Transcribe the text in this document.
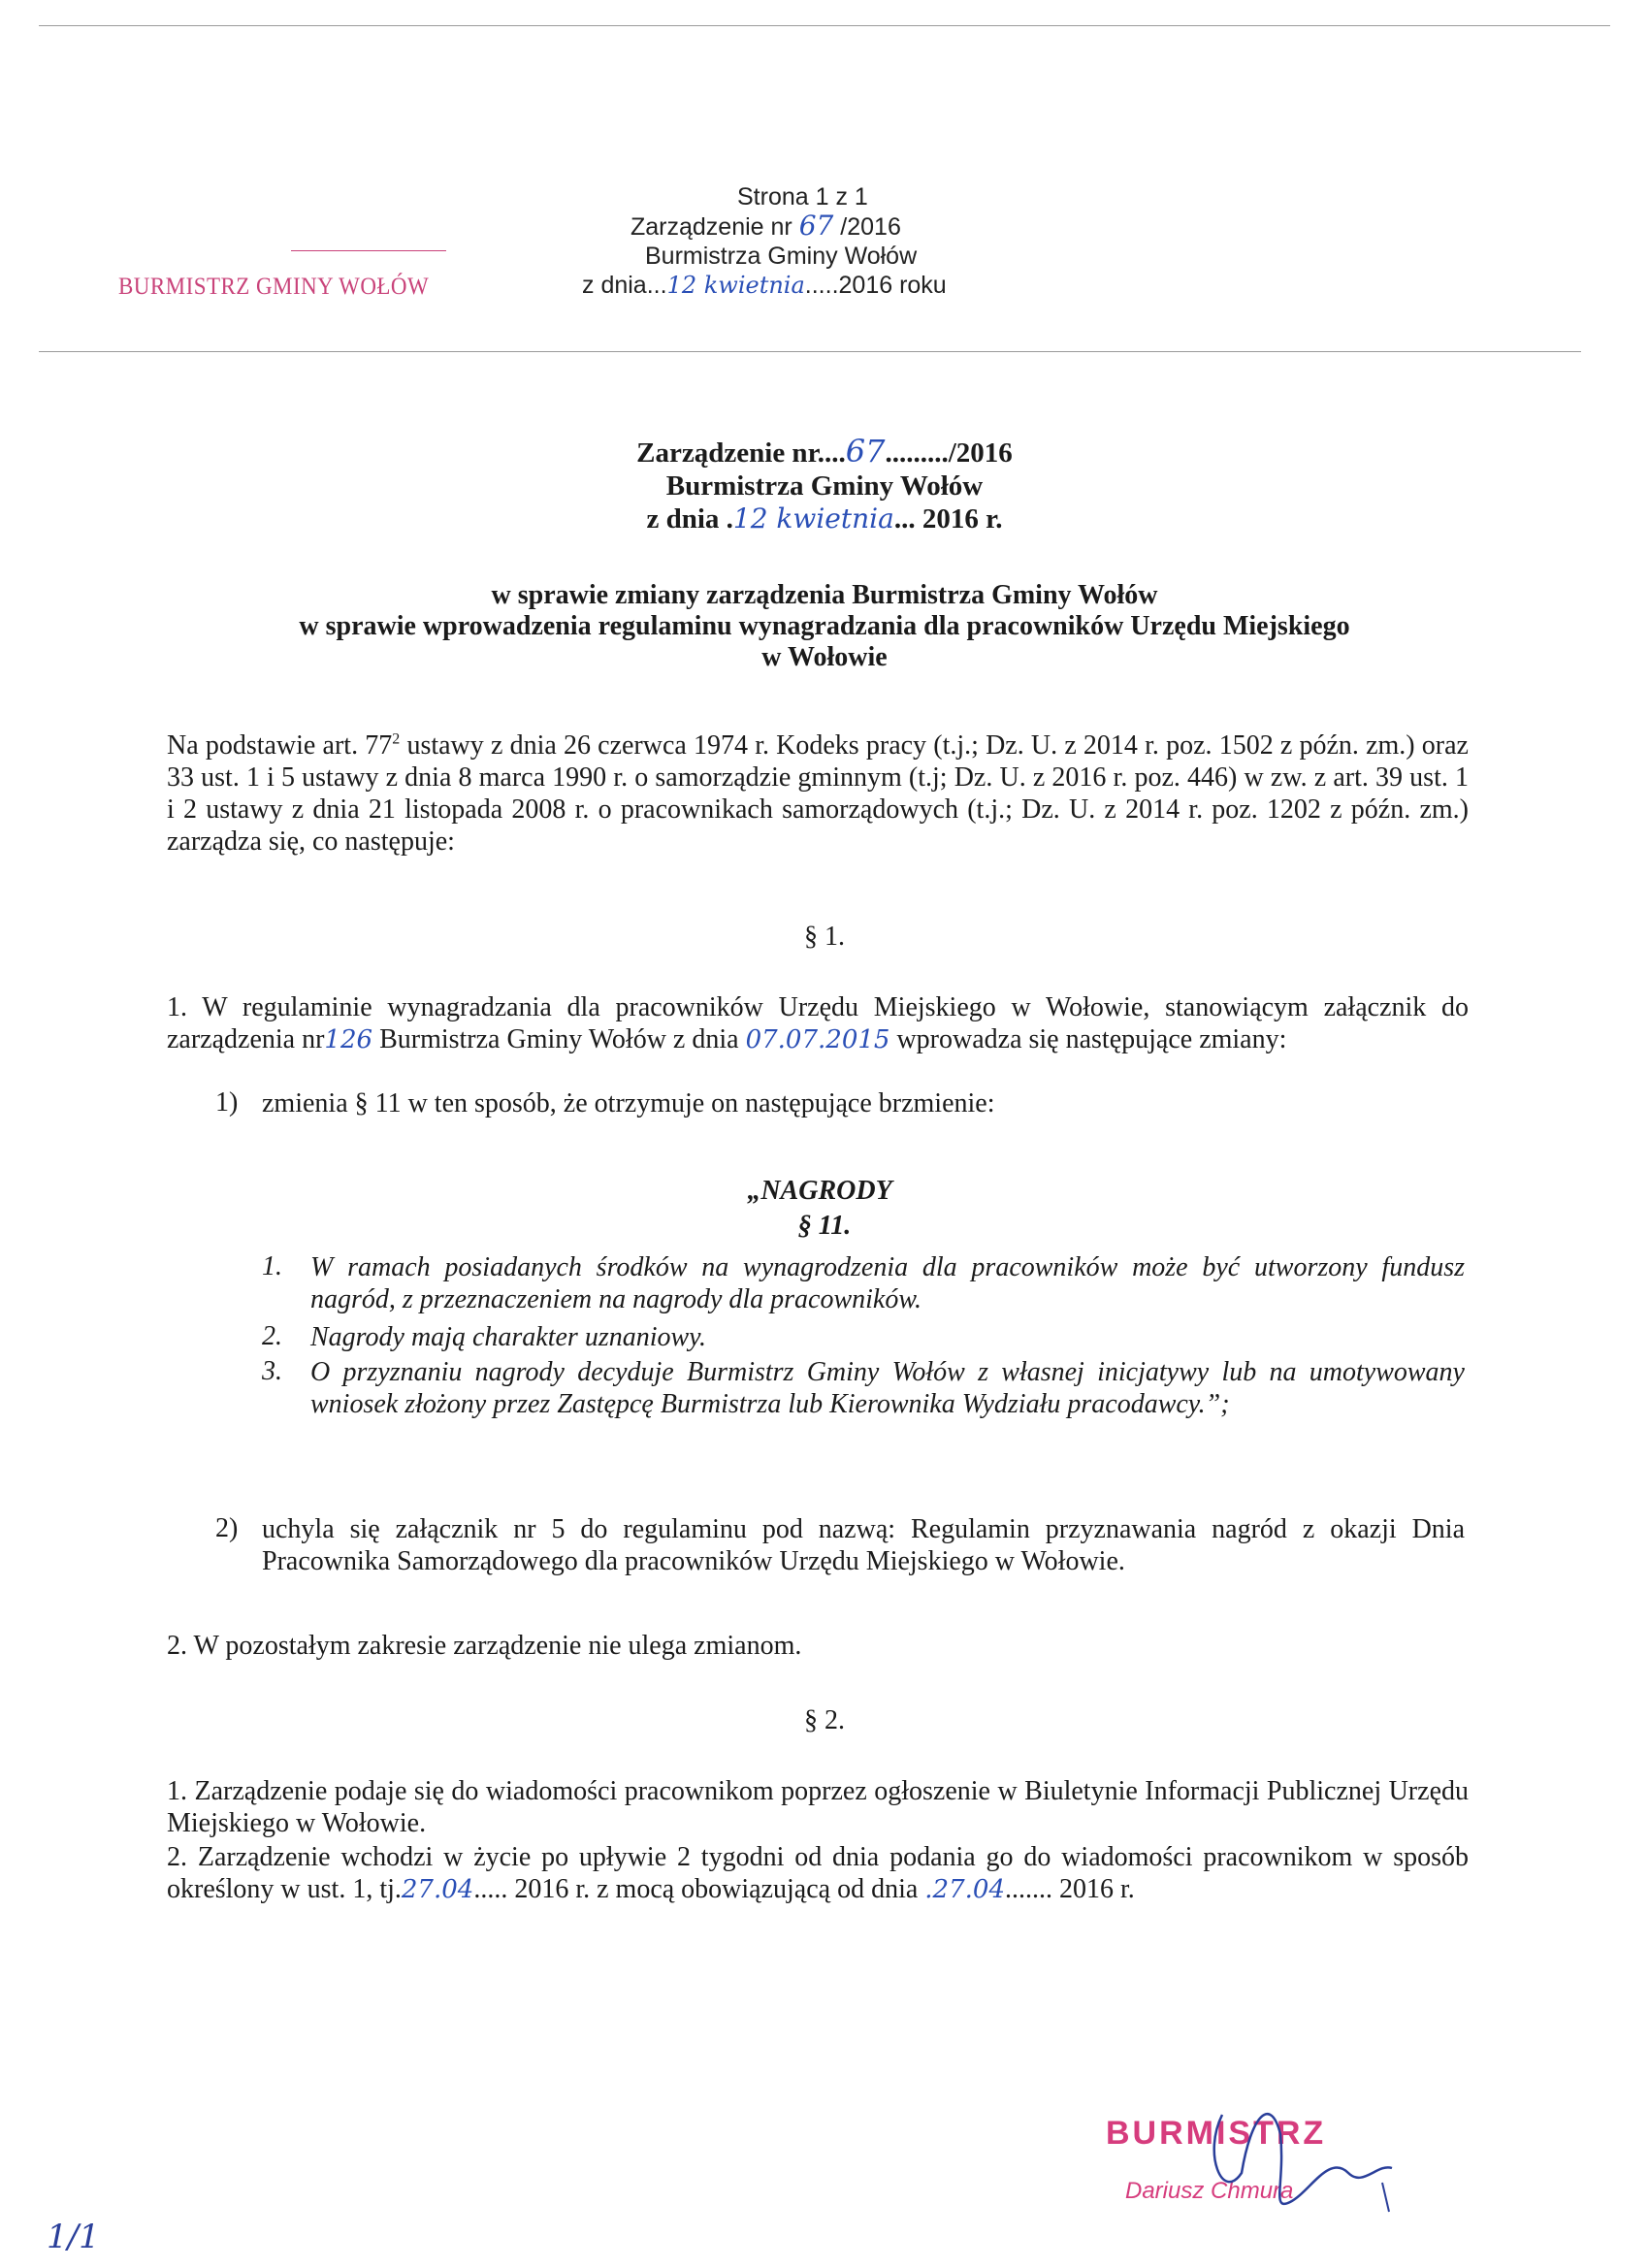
Strona 1 z 1
Zarządzenie nr 67 /2016
Burmistrza Gminy Wołów
z dnia...12 kwietnia.....2016 roku
BURMISTRZ GMINY WOŁÓW
Zarządzenie nr....67........./2016
Burmistrza Gminy Wołów
z dnia .12 kwietnia... 2016 r.
w sprawie zmiany zarządzenia Burmistrza Gminy Wołów
w sprawie wprowadzenia regulaminu wynagradzania dla pracowników Urzędu Miejskiego
w Wołowie
Na podstawie art. $77^2$ ustawy z dnia 26 czerwca 1974 r. Kodeks pracy (t.j.; Dz. U. z 2014 r. poz. 1502 z późn. zm.) oraz 33 ust. 1 i 5 ustawy z dnia 8 marca 1990 r. o samorządzie gminnym (t.j; Dz. U. z 2016 r. poz. 446) w zw. z art. 39 ust. 1 i 2 ustawy z dnia 21 listopada 2008 r. o pracownikach samorządowych (t.j.; Dz. U. z 2014 r. poz. 1202 z późn. zm.) zarządza się, co następuje:
§ 1.
1. W regulaminie wynagradzania dla pracowników Urzędu Miejskiego w Wołowie, stanowiącym załącznik do zarządzenia nr126 Burmistrza Gminy Wołów z dnia 07.07.2015 wprowadza się następujące zmiany:
1) zmienia § 11 w ten sposób, że otrzymuje on następujące brzmienie:
„NAGRODY
§ 11.
1. W ramach posiadanych środków na wynagrodzenia dla pracowników może być utworzony fundusz nagród, z przeznaczeniem na nagrody dla pracowników.
2. Nagrody mają charakter uznaniowy.
3. O przyznaniu nagrody decyduje Burmistrz Gminy Wołów z własnej inicjatywy lub na umotywowany wniosek złożony przez Zastępcę Burmistrza lub Kierownika Wydziału pracodawcy.”;
2) uchyla się załącznik nr 5 do regulaminu pod nazwą: Regulamin przyznawania nagród z okazji Dnia Pracownika Samorządowego dla pracowników Urzędu Miejskiego w Wołowie.
2. W pozostałym zakresie zarządzenie nie ulega zmianom.
§ 2.
1. Zarządzenie podaje się do wiadomości pracownikom poprzez ogłoszenie w Biuletynie Informacji Publicznej Urzędu Miejskiego w Wołowie.
2. Zarządzenie wchodzi w życie po upływie 2 tygodni od dnia podania go do wiadomości pracownikom w sposób określony w ust. 1, tj.27.04..... 2016 r. z mocą obowiązującą od dnia .27.04....... 2016 r.
BURMISTRZ
Dariusz Chmura
1/1
